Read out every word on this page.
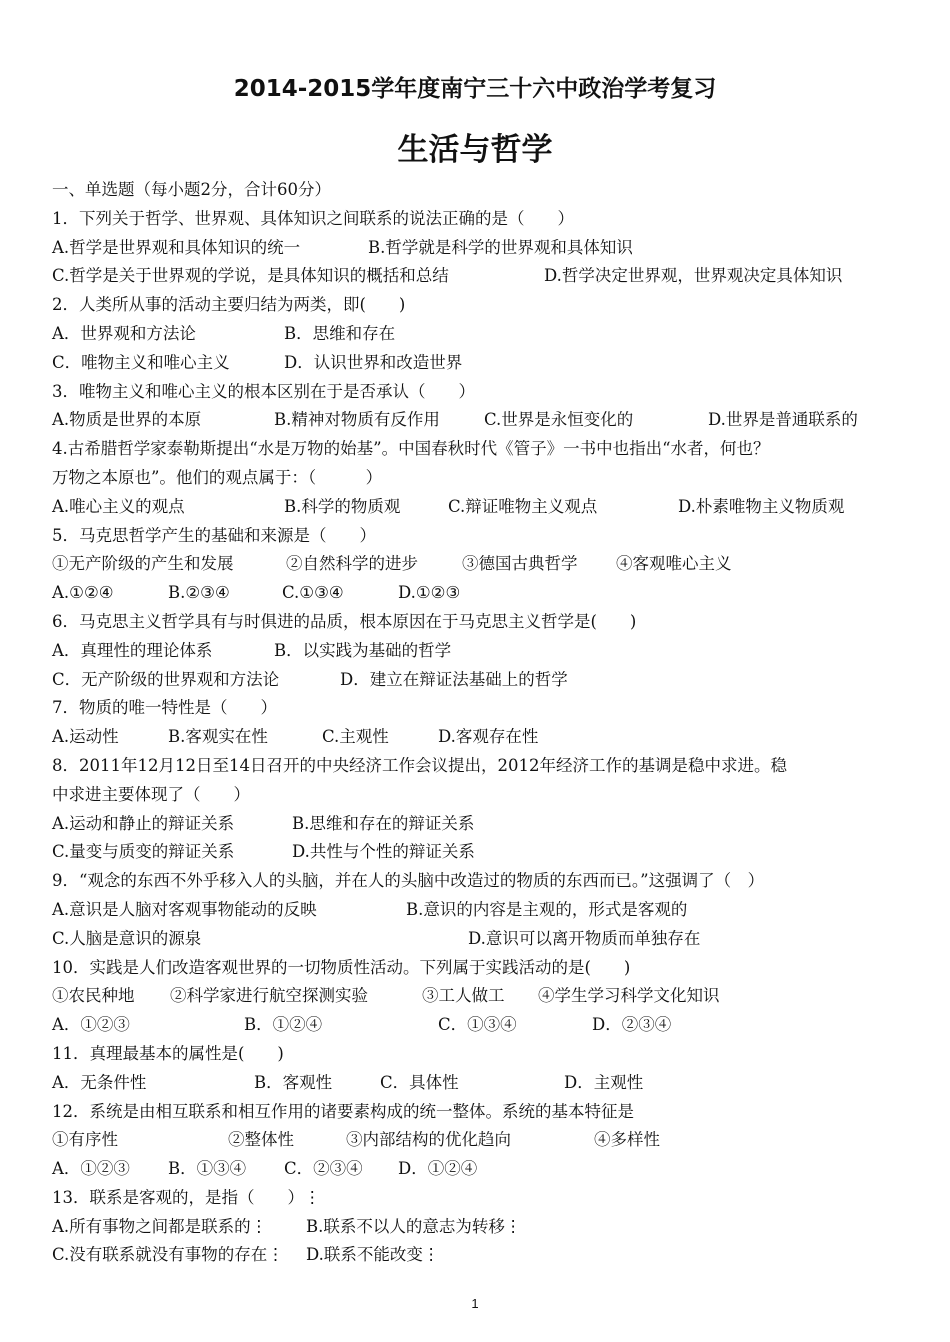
2014-2015学年度南宁三十六中政治学考复习
生活与哲学
一、单选题（每小题2分，合计60分）
1．下列关于哲学、世界观、具体知识之间联系的说法正确的是（　　）
A.哲学是世界观和具体知识的统一	B.哲学就是科学的世界观和具体知识
C.哲学是关于世界观的学说，是具体知识的概括和总结	D.哲学决定世界观，世界观决定具体知识
2．人类所从事的活动主要归结为两类，即(　　)
A．世界观和方法论	B．思维和存在
C．唯物主义和唯心主义	D．认识世界和改造世界
3．唯物主义和唯心主义的根本区别在于是否承认（　　）
A.物质是世界的本原	B.精神对物质有反作用	C.世界是永恒变化的	D.世界是普通联系的
4.古希腊哲学家泰勒斯提出“水是万物的始基”。中国春秋时代《管子》一书中也指出“水者，何也？
万物之本原也”。他们的观点属于：（　　　）
A.唯心主义的观点	B.科学的物质观	C.辩证唯物主义观点	D.朴素唯物主义物质观
5．马克思哲学产生的基础和来源是（　　）
①无产阶级的产生和发展	②自然科学的进步	③德国古典哲学 ④客观唯心主义
A.①②④	B.②③④	C.①③④	D.①②③
6．马克思主义哲学具有与时俱进的品质，根本原因在于马克思主义哲学是(　　)
A．真理性的理论体系	B．以实践为基础的哲学
C．无产阶级的世界观和方法论	D．建立在辩证法基础上的哲学
7．物质的唯一特性是（　　）
A.运动性	B.客观实在性	C.主观性	D.客观存在性
8．2011年12月12日至14日召开的中央经济工作会议提出，2012年经济工作的基调是稳中求进。稳
中求进主要体现了（　　）
A.运动和静止的辩证关系	B.思维和存在的辩证关系
C.量变与质变的辩证关系	D.共性与个性的辩证关系
9．“观念的东西不外乎移入人的头脑，并在人的头脑中改造过的物质的东西而已。”这强调了（　）
A.意识是人脑对客观事物能动的反映	B.意识的内容是主观的，形式是客观的
C.人脑是意识的源泉	D.意识可以离开物质而单独存在
10．实践是人们改造客观世界的一切物质性活动。下列属于实践活动的是(　　)
①农民种地 ②科学家进行航空探测实验	③工人做工 ④学生学习科学文化知识
A．①②③	B．①②④	C．①③④	D．②③④
11．真理最基本的属性是(　　)
A．无条件性	B．客观性	C．具体性	D．主观性
12．系统是由相互联系和相互作用的诸要素构成的统一整体。系统的基本特征是
①有序性	②整体性	③内部结构的优化趋向	④多样性
A．①②③ B．①③④ C．②③④ D．①②④
13．联系是客观的，是指（　　）⋮
A.所有事物之间都是联系的⋮ B.联系不以人的意志为转移⋮
C.没有联系就没有事物的存在⋮ D.联系不能改变⋮
1
